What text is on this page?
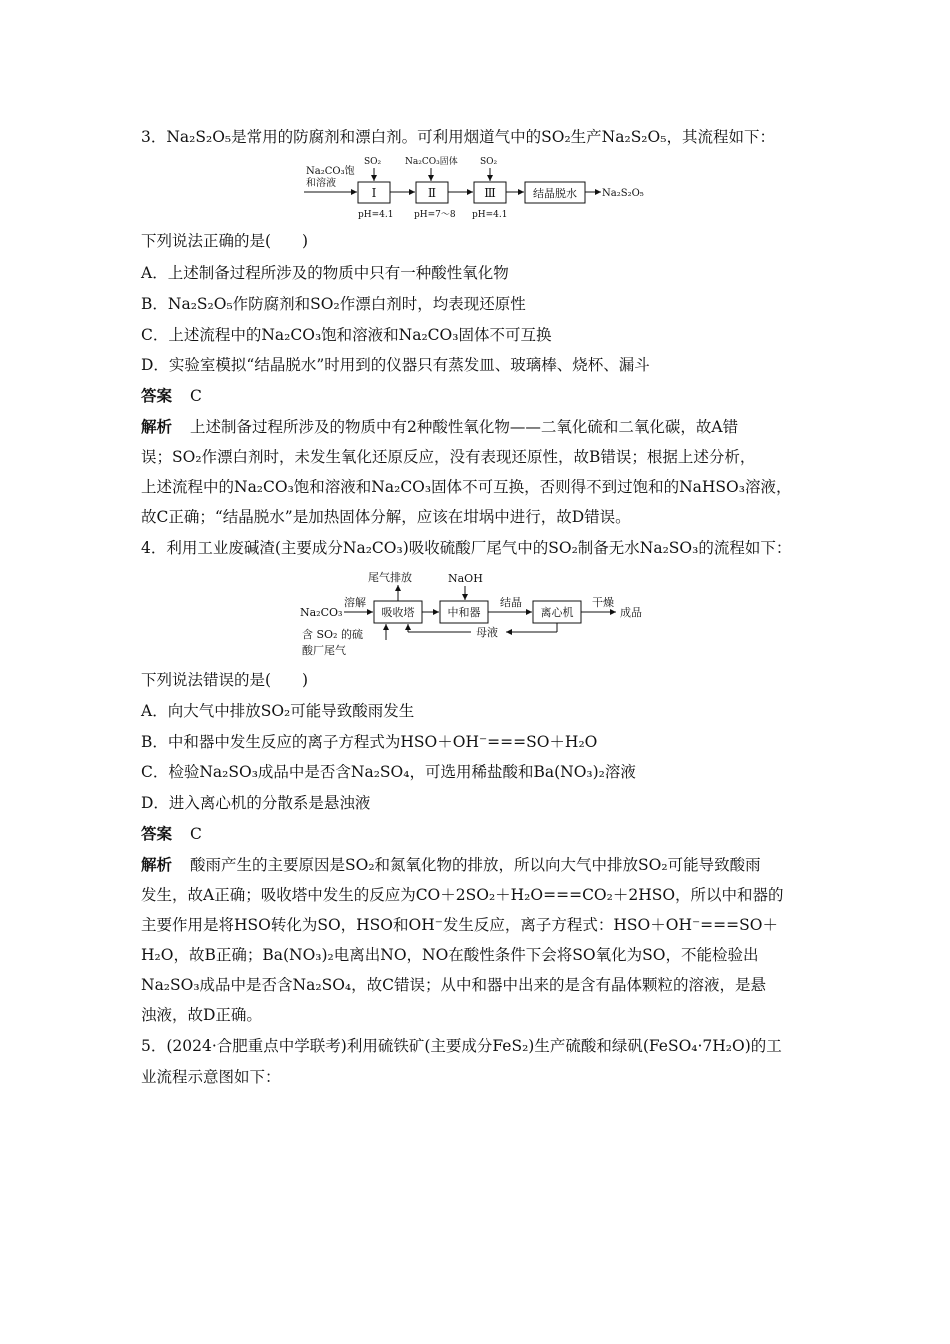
3．Na₂S₂O₅是常用的防腐剂和漂白剂。可利用烟道气中的SO₂生产Na₂S₂O₅，其流程如下：
Na₂CO₃饱
和溶液
SO₂
Ⅰ
pH=4.1
Na₂CO₃固体
Ⅱ
pH=7～8
SO₂
Ⅲ
pH=4.1
结晶脱水	Na₂S₂O₅
下列说法正确的是(　　)
A．上述制备过程所涉及的物质中只有一种酸性氧化物
B．Na₂S₂O₅作防腐剂和SO₂作漂白剂时，均表现还原性
C．上述流程中的Na₂CO₃饱和溶液和Na₂CO₃固体不可互换
D．实验室模拟“结晶脱水”时用到的仪器只有蒸发皿、玻璃棒、烧杯、漏斗
答案 C
解析 上述制备过程所涉及的物质中有2种酸性氧化物——二氧化硫和二氧化碳，故A错
误；SO₂作漂白剂时，未发生氧化还原反应，没有表现还原性，故B错误；根据上述分析，
上述流程中的Na₂CO₃饱和溶液和Na₂CO₃固体不可互换，否则得不到过饱和的NaHSO₃溶液，
故C正确；“结晶脱水”是加热固体分解，应该在坩埚中进行，故D错误。
4．利用工业废碱渣(主要成分Na₂CO₃)吸收硫酸厂尾气中的SO₂制备无水Na₂SO₃的流程如下：
Na₂CO₃
溶解
吸收塔
尾气排放
含 SO₂ 的硫
酸厂尾气
NaOH
中和器
结晶
离心机
干燥
成品
母液
下列说法错误的是(　　)
A．向大气中排放SO₂可能导致酸雨发生
B．中和器中发生反应的离子方程式为HSO＋OH⁻===SO＋H₂O
C．检验Na₂SO₃成品中是否含Na₂SO₄，可选用稀盐酸和Ba(NO₃)₂溶液
D．进入离心机的分散系是悬浊液
答案 C
解析 酸雨产生的主要原因是SO₂和氮氧化物的排放，所以向大气中排放SO₂可能导致酸雨
发生，故A正确；吸收塔中发生的反应为CO＋2SO₂＋H₂O===CO₂＋2HSO，所以中和器的
主要作用是将HSO转化为SO，HSO和OH⁻发生反应，离子方程式：HSO＋OH⁻===SO＋
H₂O，故B正确；Ba(NO₃)₂电离出NO，NO在酸性条件下会将SO氧化为SO，不能检验出
Na₂SO₃成品中是否含Na₂SO₄，故C错误；从中和器中出来的是含有晶体颗粒的溶液，是悬
浊液，故D正确。
5．(2024·合肥重点中学联考)利用硫铁矿(主要成分FeS₂)生产硫酸和绿矾(FeSO₄·7H₂O)的工
业流程示意图如下：
